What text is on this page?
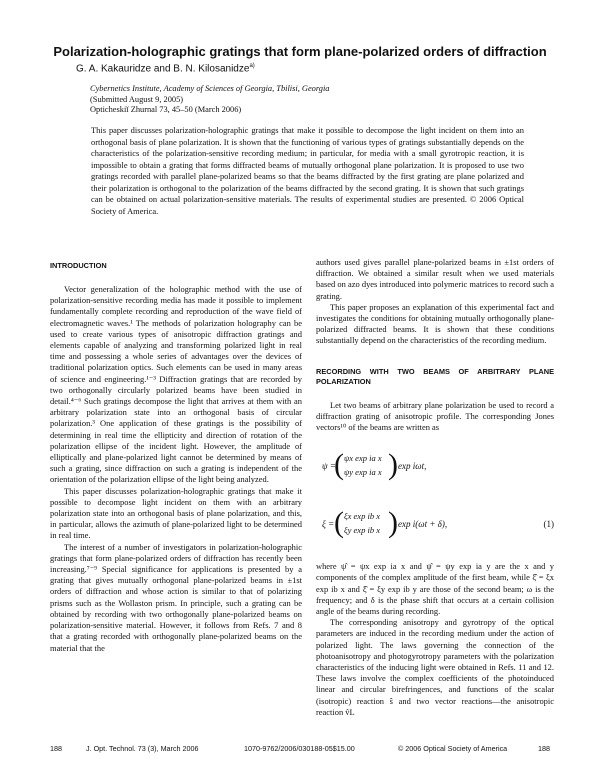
Polarization-holographic gratings that form plane-polarized orders of diffraction
G. A. Kakauridze and B. N. Kilosanidze$^{a)}$
Cybernetics Institute, Academy of Sciences of Georgia, Tbilisi, Georgia
(Submitted August 9, 2005)
Opticheskiĭ Zhurnal 73, 45–50 (March 2006)
This paper discusses polarization-holographic gratings that make it possible to decompose the light incident on them into an orthogonal basis of plane polarization. It is shown that the functioning of various types of gratings substantially depends on the characteristics of the polarization-sensitive recording medium; in particular, for media with a small gyrotropic reaction, it is impossible to obtain a grating that forms diffracted beams of mutually orthogonal plane polarization. It is proposed to use two gratings recorded with parallel plane-polarized beams so that the beams diffracted by the first grating are plane polarized and their polarization is orthogonal to the polarization of the beams diffracted by the second grating. It is shown that such gratings can be obtained on actual polarization-sensitive materials. The results of experimental studies are presented. © 2006 Optical Society of America.

INTRODUCTION

Vector generalization of the holographic method with the use of polarization-sensitive recording media has made it possible to implement fundamentally complete recording and reproduction of the wave field of electromagnetic waves.¹ The methods of polarization holography can be used to create various types of anisotropic diffraction gratings and elements capable of analyzing and transforming polarized light in real time and possessing a whole series of advantages over the devices of traditional polarization optics. Such elements can be used in many areas of science and engineering.¹⁻³ Diffraction gratings that are recorded by two orthogonally circularly polarized beams have been studied in detail.⁴⁻⁶ Such gratings decompose the light that arrives at them with an arbitrary polarization state into an orthogonal basis of circular polarization.³ One application of these gratings is the possibility of determining in real time the ellipticity and direction of rotation of the polarization ellipse of the incident light. However, the amplitude of elliptically and plane-polarized light cannot be determined by means of such a grating, since diffraction on such a grating is independent of the orientation of the polarization ellipse of the light being analyzed.

This paper discusses polarization-holographic gratings that make it possible to decompose light incident on them with an arbitrary polarization state into an orthogonal basis of plane polarization, and this, in particular, allows the azimuth of plane-polarized light to be determined in real time.

The interest of a number of investigators in polarization-holographic gratings that form plane-polarized orders of diffraction has recently been increasing.⁷⁻⁹ Special significance for applications is presented by a grating that gives mutually orthogonal plane-polarized beams in ±1st orders of diffraction and whose action is similar to that of polarizing prisms such as the Wollaston prism. In principle, such a grating can be obtained by recording with two orthogonally plane-polarized beams on polarization-sensitive material. However, it follows from Refs. 7 and 8 that a grating recorded with orthogonally plane-polarized beams on the material that the

authors used gives parallel plane-polarized beams in ±1st orders of diffraction. We obtained a similar result when we used materials based on azo dyes introduced into polymeric matrices to record such a grating.

This paper proposes an explanation of this experimental fact and investigates the conditions for obtaining mutually orthogonally plane-polarized diffracted beams. It is shown that these conditions substantially depend on the characteristics of the recording medium.

RECORDING WITH TWO BEAMS OF ARBITRARY PLANE POLARIZATION

Let two beams of arbitrary plane polarization be used to record a diffraction grating of anisotropic profile. The corresponding Jones vectors¹⁰ of the beams are written as

ψ =
( ψx exp ia x
ψy exp ia x ) exp iωt,
ξ = ( ξx exp ib x
ξy exp ib x ) exp i(ωt + δ),	(1)

where ψ̂ = ψx exp ia x and ψ̂ = ψy exp ia y are the x and y components of the complex amplitude of the first beam, while ξ̂ = ξx exp ib x and ξ̂ = ξy exp ib y are those of the second beam; ω is the frequency; and δ is the phase shift that occurs at a certain collision angle of the beams during recording.

The corresponding anisotropy and gyrotropy of the optical parameters are induced in the recording medium under the action of polarized light. The laws governing the connection of the photoanisotropy and photogyrotropy parameters with the polarization characteristics of the inducing light were obtained in Refs. 11 and 12. These laws involve the complex coefficients of the photoinduced linear and circular birefringences, and functions of the scalar (isotropic) reaction ŝ and two vector reactions—the anisotropic reaction v̂L

188	J. Opt. Technol. 73 (3), March 2006	1070-9762/2006/030188-05$15.00	© 2006 Optical Society of America	188
